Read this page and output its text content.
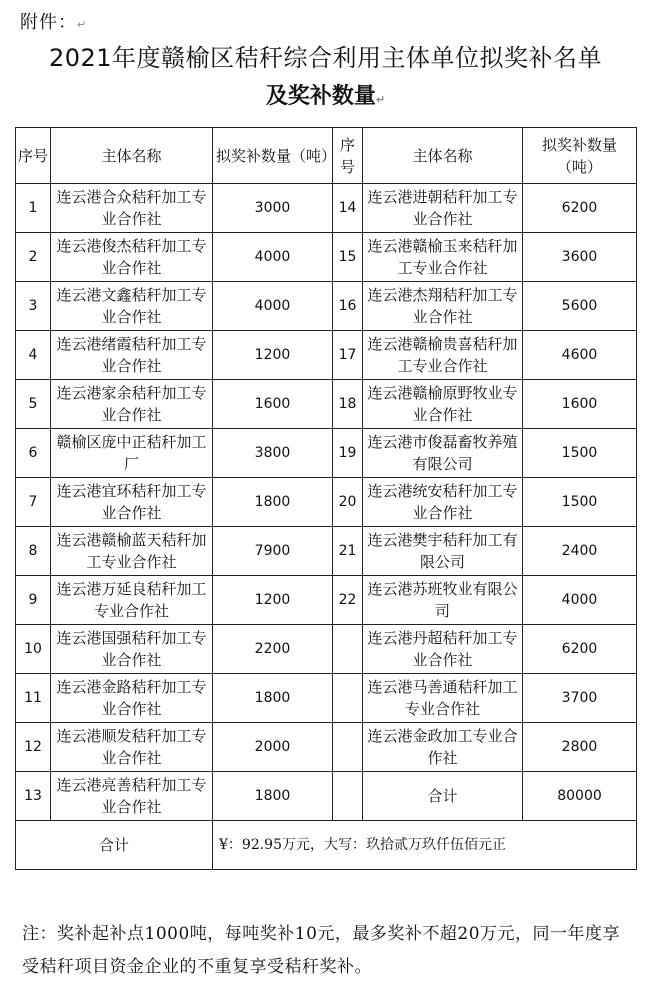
附件：↵
2021年度赣榆区秸秆综合利用主体单位拟奖补名单
及奖补数量↵
序号	主体名称	拟奖补数量（吨）	序号	主体名称	拟奖补数量（吨）
1	连云港合众秸秆加工专业合作社	3000	14	连云港进朝秸秆加工专业合作社	6200
2	连云港俊杰秸秆加工专业合作社	4000	15	连云港赣榆玉来秸秆加工专业合作社	3600
3	连云港文鑫秸秆加工专业合作社	4000	16	连云港杰翔秸秆加工专业合作社	5600
4	连云港绪霞秸秆加工专业合作社	1200	17	连云港赣榆贵喜秸秆加工专业合作社	4600
5	连云港家余秸秆加工专业合作社	1600	18	连云港赣榆原野牧业专业合作社	1600
6	赣榆区庞中正秸秆加工厂	3800	19	连云港市俊磊畜牧养殖有限公司	1500
7	连云港宜环秸秆加工专业合作社	1800	20	连云港统安秸秆加工专业合作社	1500
8	连云港赣榆蓝天秸秆加工专业合作社	7900	21	连云港樊宇秸秆加工有限公司	2400
9	连云港万延良秸秆加工专业合作社	1200	22	连云港苏班牧业有限公司	4000
10	连云港国强秸秆加工专业合作社	2200		连云港丹超秸秆加工专业合作社	6200
11	连云港金路秸秆加工专业合作社	1800		连云港马善通秸秆加工专业合作社	3700
12	连云港顺发秸秆加工专业合作社	2000		连云港金政加工专业合作社	2800
13	连云港亮善秸秆加工专业合作社	1800		合计	80000
合计		¥：92.95万元，大写：玖拾贰万玖仟伍佰元正			
注：奖补起补点1000吨，每吨奖补10元，最多奖补不超20万元，同一年度享受秸秆项目资金企业的不重复享受秸秆奖补。
